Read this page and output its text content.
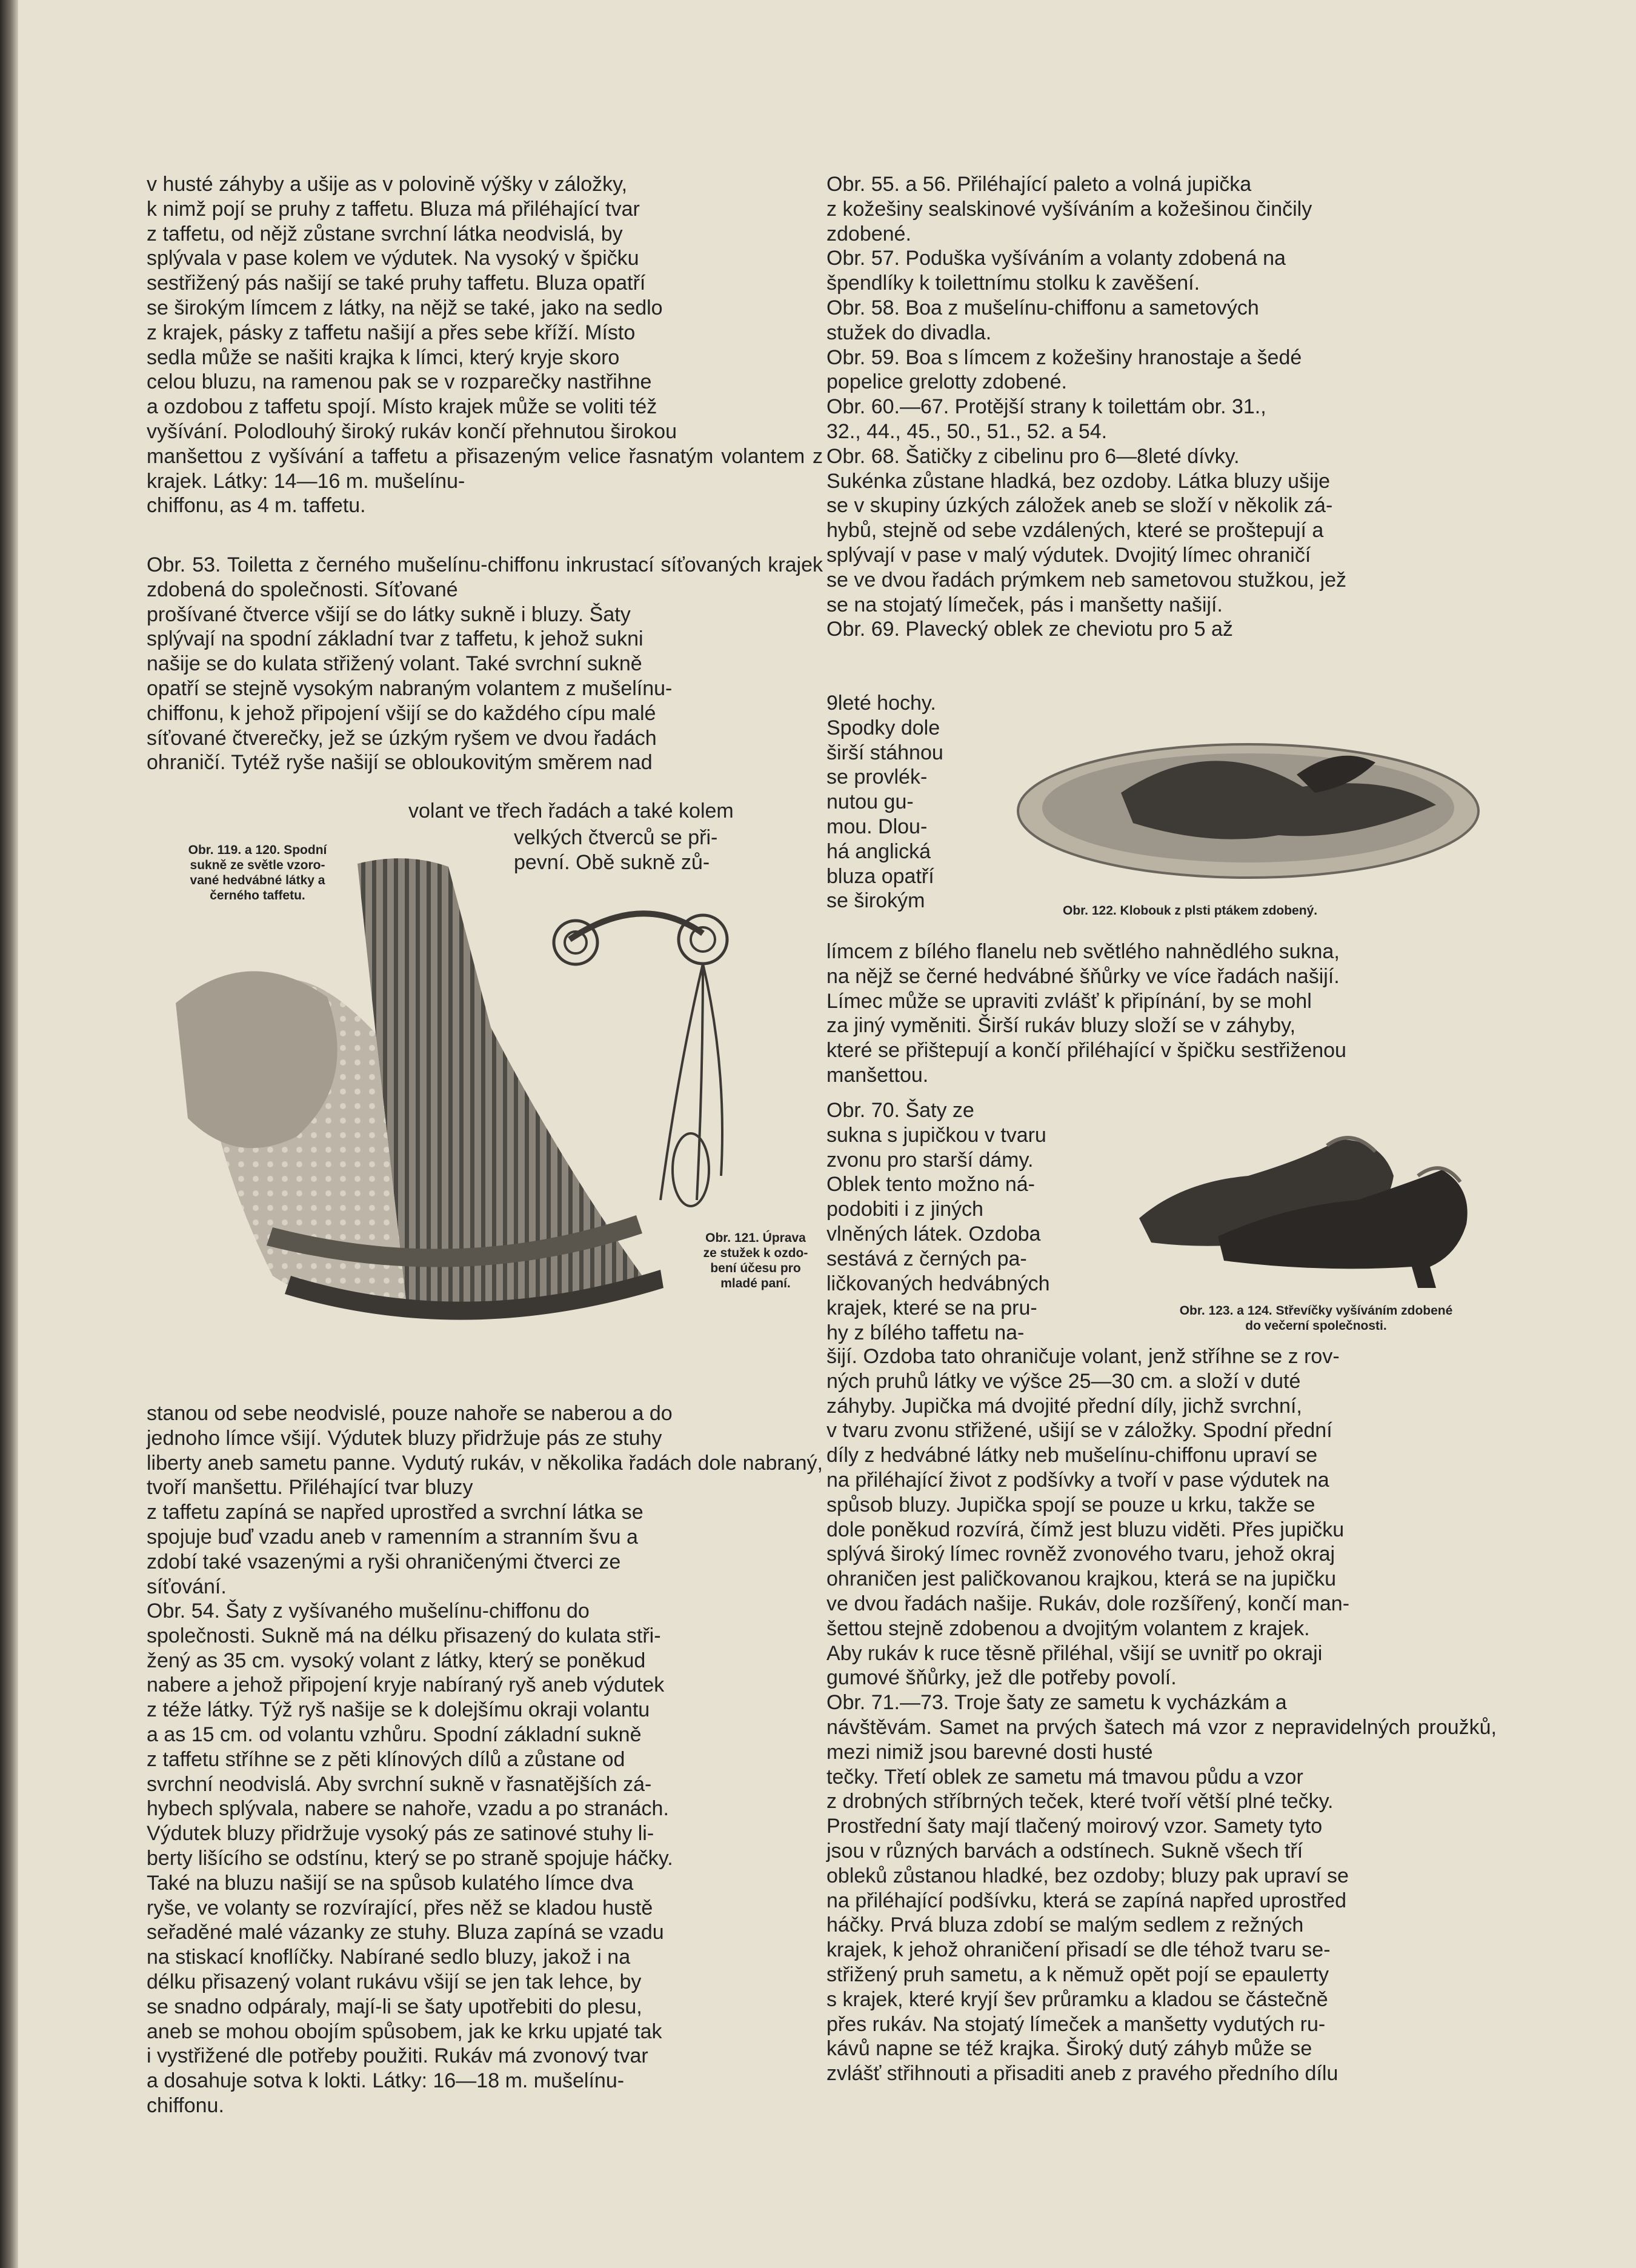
v husté záhyby a ušije as v polovině výšky v záložky,
k nimž pojí se pruhy z taffetu. Bluza má přiléhající tvar
z taffetu, od nějž zůstane svrchní látka neodvislá, by
splývala v pase kolem ve výdutek. Na vysoký v špičku
sestřižený pás našijí se také pruhy taffetu. Bluza opatří
se širokým límcem z látky, na nějž se také, jako na sedlo
z krajek, pásky z taffetu našijí a přes sebe kříží. Místo
sedla může se našiti krajka k límci, který kryje skoro
celou bluzu, na ramenou pak se v rozparečky nastřihne
a ozdobou z taffetu spojí. Místo krajek může se voliti též
vyšívání. Polodlouhý široký rukáv končí přehnutou širokou
manšettou z vyšívání a taffetu a přisazeným velice řasnatým volantem z krajek. Látky: 14—16 m. mušelínu-
chiffonu, as 4 m. taffetu.

Obr. 53. Toiletta z černého mušelínu-chiffonu inkrustací síťovaných krajek zdobená do společnosti. Síťované
prošívané čtverce všijí se do látky sukně i bluzy. Šaty
splývají na spodní základní tvar z taffetu, k jehož sukni
našije se do kulata střižený volant. Také svrchní sukně
opatří se stejně vysokým nabraným volantem z mušelínu-
chiffonu, k jehož připojení všijí se do každého cípu malé
síťované čtverečky, jež se úzkým ryšem ve dvou řadách
ohraničí. Tytéž ryše našijí se obloukovitým směrem nad

volant ve třech řadách a také kolem

velkých čtverců se při-
pevní. Obě sukně zů-

Obr. 119. a 120. Spodní
sukně ze světle vzoro-
vané hedvábné látky a
černého taffetu.

Obr. 121. Úprava
ze stužek k ozdo-
bení účesu pro
mladé paní.

stanou od sebe neodvislé, pouze nahoře se naberou a do
jednoho límce všijí. Výdutek bluzy přidržuje pás ze stuhy
liberty aneb sametu panne. Vydutý rukáv, v několika řadách dole nabraný, tvoří manšettu. Přiléhající tvar bluzy
z taffetu zapíná se napřed uprostřed a svrchní látka se
spojuje buď vzadu aneb v ramenním a stranním švu a
zdobí také vsazenými a ryši ohraničenými čtverci ze
síťování.

Obr. 54. Šaty z vyšívaného mušelínu-chiffonu do
společnosti. Sukně má na délku přisazený do kulata stři-
žený as 35 cm. vysoký volant z látky, který se poněkud
nabere a jehož připojení kryje nabíraný ryš aneb výdutek
z téže látky. Týž ryš našije se k dolejšímu okraji volantu
a as 15 cm. od volantu vzhůru. Spodní základní sukně
z taffetu stříhne se z pěti klínových dílů a zůstane od
svrchní neodvislá. Aby svrchní sukně v řasnatějších zá-
hybech splývala, nabere se nahoře, vzadu a po stranách.
Výdutek bluzy přidržuje vysoký pás ze satinové stuhy li-
berty lišícího se odstínu, který se po straně spojuje háčky.
Také na bluzu našijí se na spůsob kulatého límce dva
ryše, ve volanty se rozvírající, přes něž se kladou hustě
seřaděné malé vázanky ze stuhy. Bluza zapíná se vzadu
na stiskací knoflíčky. Nabírané sedlo bluzy, jakož i na
délku přisazený volant rukávu všijí se jen tak lehce, by
se snadno odpáraly, mají-li se šaty upotřebiti do plesu,
aneb se mohou obojím spůsobem, jak ke krku upjaté tak
i vystřižené dle potřeby použiti. Rukáv má zvonový tvar
a dosahuje sotva k lokti. Látky: 16—18 m. mušelínu-
chiffonu.

Obr. 55. a 56. Přiléhající paleto a volná jupička
z kožešiny sealskinové vyšíváním a kožešinou činčily
zdobené.
Obr. 57. Poduška vyšíváním a volanty zdobená na
špendlíky k toilettnímu stolku k zavěšení.
Obr. 58. Boa z mušelínu-chiffonu a sametových
stužek do divadla.
Obr. 59. Boa s límcem z kožešiny hranostaje a šedé
popelice grelotty zdobené.
Obr. 60.—67. Protější strany k toilettám obr. 31.,
32., 44., 45., 50., 51., 52. a 54.
Obr. 68. Šatičky z cibelinu pro 6—8leté dívky.
Sukénka zůstane hladká, bez ozdoby. Látka bluzy ušije
se v skupiny úzkých záložek aneb se složí v několik zá-
hybů, stejně od sebe vzdálených, které se proštepují a
splývají v pase v malý výdutek. Dvojitý límec ohraničí
se ve dvou řadách prýmkem neb sametovou stužkou, jež
se na stojatý límeček, pás i manšetty našijí.
Obr. 69. Plavecký oblek ze cheviotu pro 5 až

9leté hochy.
Spodky dole
širší stáhnou
se provlék-
nutou gu-
mou. Dlou-
há anglická
bluza opatří
se širokým	Obr. 122. Klobouk z plsti ptákem zdobený.

límcem z bílého flanelu neb světlého nahnědlého sukna,
na nějž se černé hedvábné šňůrky ve více řadách našijí.
Límec může se upraviti zvlášť k připínání, by se mohl
za jiný vyměniti. Širší rukáv bluzy složí se v záhyby,
které se přištepují a končí přiléhající v špičku sestřiženou
manšettou.

Obr. 70. Šaty ze
sukna s jupičkou v tvaru
zvonu pro starší dámy.
Oblek tento možno ná-
podobiti i z jiných
vlněných látek. Ozdoba
sestává z černých pa-
ličkovaných hedvábných
krajek, které se na pru-
hy z bílého taffetu na-

Obr. 123. a 124. Střevíčky vyšíváním zdobené
do večerní společnosti.

šijí. Ozdoba tato ohraničuje volant, jenž stříhne se z rov-
ných pruhů látky ve výšce 25—30 cm. a složí v duté
záhyby. Jupička má dvojité přední díly, jichž svrchní,
v tvaru zvonu střižené, ušijí se v záložky. Spodní přední
díly z hedvábné látky neb mušelínu-chiffonu upraví se
na přiléhající život z podšívky a tvoří v pase výdutek na
spůsob bluzy. Jupička spojí se pouze u krku, takže se
dole poněkud rozvírá, čímž jest bluzu viděti. Přes jupičku
splývá široký límec rovněž zvonového tvaru, jehož okraj
ohraničen jest paličkovanou krajkou, která se na jupičku
ve dvou řadách našije. Rukáv, dole rozšířený, končí man-
šettou stejně zdobenou a dvojitým volantem z krajek.
Aby rukáv k ruce těsně přiléhal, všijí se uvnitř po okraji
gumové šňůrky, jež dle potřeby povolí.
Obr. 71.—73. Troje šaty ze sametu k vycházkám a
návštěvám. Samet na prvých šatech má vzor z nepravidelných proužků, mezi nimiž jsou barevné dosti husté
tečky. Třetí oblek ze sametu má tmavou půdu a vzor
z drobných stříbrných teček, které tvoří větší plné tečky.
Prostřední šaty mají tlačený moirový vzor. Samety tyto
jsou v různých barvách a odstínech. Sukně všech tří
obleků zůstanou hladké, bez ozdoby; bluzy pak upraví se
na přiléhající podšívku, která se zapíná napřed uprostřed
háčky. Prvá bluza zdobí se malým sedlem z režných
krajek, k jehož ohraničení přisadí se dle téhož tvaru se-
střižený pruh sametu, a k němuž opět pojí se epaulетty
s krajek, které kryjí šev průramku a kladou se částečně
přes rukáv. Na stojatý límeček a manšetty vydutých ru-
kávů napne se též krajka. Široký dutý záhyb může se
zvlášť střihnouti a přisaditi aneb z pravého předního dílu
